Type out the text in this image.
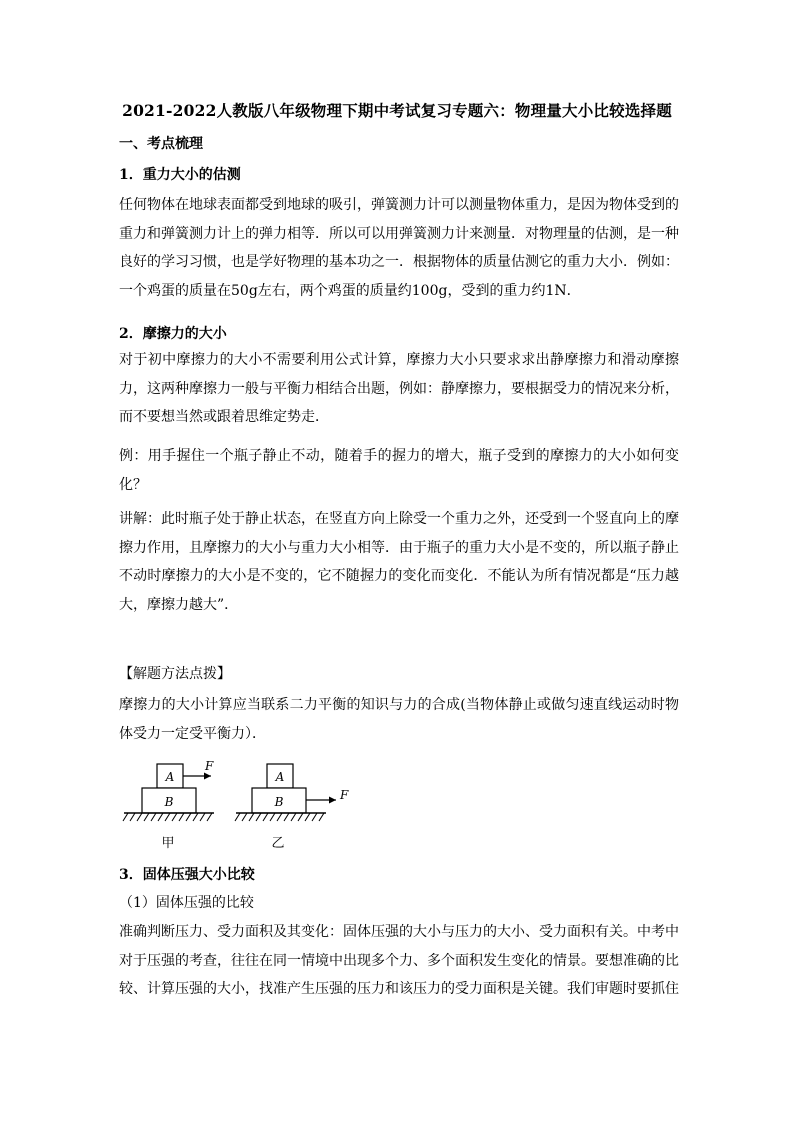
2021-2022人教版八年级物理下期中考试复习专题六：物理量大小比较选择题
一、考点梳理
1．重力大小的估测
任何物体在地球表面都受到地球的吸引，弹簧测力计可以测量物体重力，是因为物体受到的重力和弹簧测力计上的弹力相等．所以可以用弹簧测力计来测量．对物理量的估测，是一种良好的学习习惯，也是学好物理的基本功之一．根据物体的质量估测它的重力大小．例如：一个鸡蛋的质量在50g左右，两个鸡蛋的质量约100g，受到的重力约1N．
2．摩擦力的大小
对于初中摩擦力的大小不需要利用公式计算，摩擦力大小只要求求出静摩擦力和滑动摩擦力，这两种摩擦力一般与平衡力相结合出题，例如：静摩擦力，要根据受力的情况来分析，而不要想当然或跟着思维定势走．
例：用手握住一个瓶子静止不动，随着手的握力的增大，瓶子受到的摩擦力的大小如何变化？
讲解：此时瓶子处于静止状态，在竖直方向上除受一个重力之外，还受到一个竖直向上的摩擦力作用，且摩擦力的大小与重力大小相等．由于瓶子的重力大小是不变的，所以瓶子静止不动时摩擦力的大小是不变的，它不随握力的变化而变化．不能认为所有情况都是“压力越大，摩擦力越大”．
【解题方法点拨】
摩擦力的大小计算应当联系二力平衡的知识与力的合成(当物体静止或做匀速直线运动时物体受力一定受平衡力）．
A
B
F
甲
A
B	F
乙
3．固体压强大小比较
（1）固体压强的比较
准确判断压力、受力面积及其变化：固体压强的大小与压力的大小、受力面积有关。中考中对于压强的考查，往往在同一情境中出现多个力、多个面积发生变化的情景。要想准确的比较、计算压强的大小，找准产生压强的压力和该压力的受力面积是关键。我们审题时要抓住
